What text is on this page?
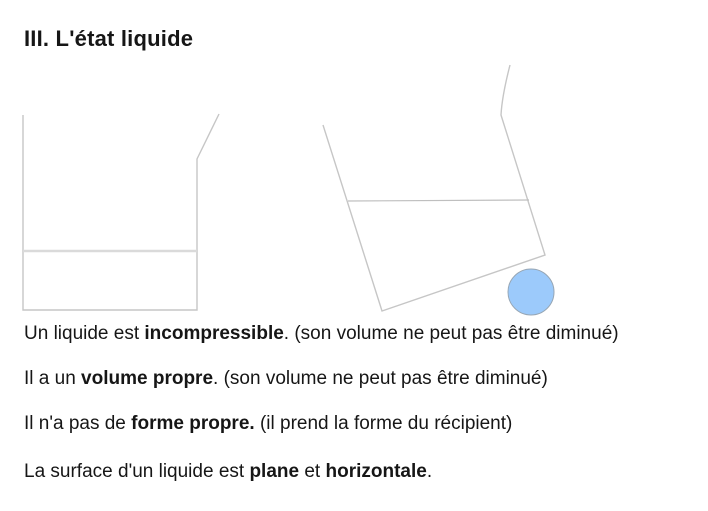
III. L'état liquide

Un liquide est incompressible. (son volume ne peut pas être diminué)

Il a un volume propre. (son volume ne peut pas être diminué)

Il n'a pas de forme propre. (il prend la forme du récipient)

La surface d'un liquide est plane et horizontale.
